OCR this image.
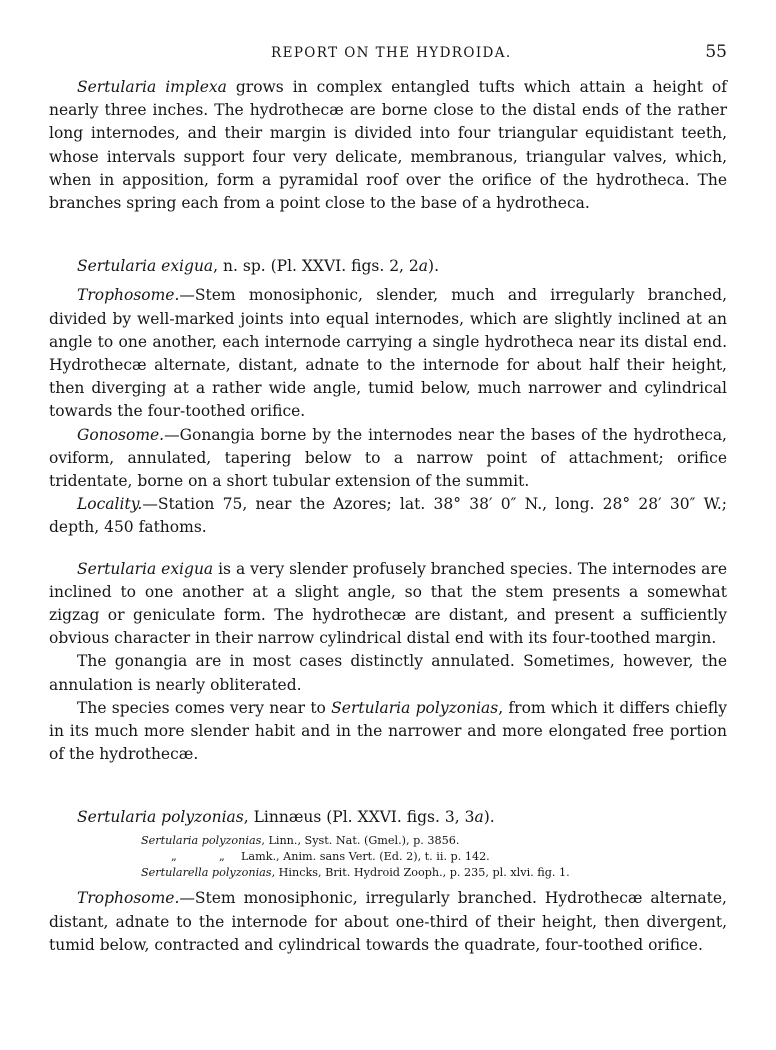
REPORT ON THE HYDROIDA.	55

Sertularia implexa grows in complex entangled tufts which attain a height of nearly three inches. The hydrothecæ are borne close to the distal ends of the rather long internodes, and their margin is divided into four triangular equidistant teeth, whose intervals support four very delicate, membranous, triangular valves, which, when in apposition, form a pyramidal roof over the orifice of the hydrotheca. The branches spring each from a point close to the base of a hydrotheca.

Sertularia exigua, n. sp. (Pl. XXVI. figs. 2, 2a).

Trophosome.—Stem monosiphonic, slender, much and irregularly branched, divided by well-marked joints into equal internodes, which are slightly inclined at an angle to one another, each internode carrying a single hydrotheca near its distal end. Hydrothecæ alternate, distant, adnate to the internode for about half their height, then diverging at a rather wide angle, tumid below, much narrower and cylindrical towards the four-toothed orifice.

Gonosome.—Gonangia borne by the internodes near the bases of the hydrotheca, oviform, annulated, tapering below to a narrow point of attachment; orifice tridentate, borne on a short tubular extension of the summit.

Locality.—Station 75, near the Azores; lat. 38° 38′ 0″ N., long. 28° 28′ 30″ W.; depth, 450 fathoms.

Sertularia exigua is a very slender profusely branched species. The internodes are inclined to one another at a slight angle, so that the stem presents a somewhat zigzag or geniculate form. The hydrothecæ are distant, and present a sufficiently obvious character in their narrow cylindrical distal end with its four-toothed margin.

The gonangia are in most cases distinctly annulated. Sometimes, however, the annulation is nearly obliterated.

The species comes very near to Sertularia polyzonias, from which it differs chiefly in its much more slender habit and in the narrower and more elongated free portion of the hydrothecæ.

Sertularia polyzonias, Linnæus (Pl. XXVI. figs. 3, 3a).
Sertularia polyzonias, Linn., Syst. Nat. (Gmel.), p. 3856.
„	„ Lamk., Anim. sans Vert. (Ed. 2), t. ii. p. 142.
Sertularella polyzonias, Hincks, Brit. Hydroid Zooph., p. 235, pl. xlvi. fig. 1.

Trophosome.—Stem monosiphonic, irregularly branched. Hydrothecæ alternate, distant, adnate to the internode for about one-third of their height, then divergent, tumid below, contracted and cylindrical towards the quadrate, four-toothed orifice.
